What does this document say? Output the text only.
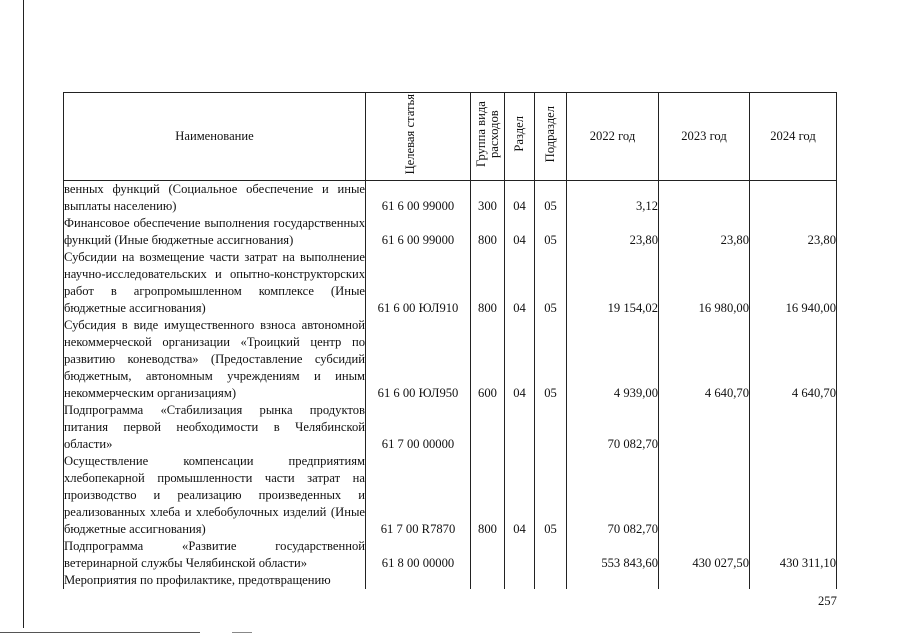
Наименование	Целевая статья	Группа вида расходов	Раздел	Подраздел	2022 год	2023 год	2024 год
венных функций (Социальное обеспечение и иные выплаты населению)	61 6 00 99000	300	04	05	3,12		
Финансовое обеспечение выполнения государственных функций (Иные бюджетные ассигнования)	61 6 00 99000	800	04	05	23,80	23,80	23,80
Субсидии на возмещение части затрат на выполнение научно-исследовательских и опытно-конструкторских работ в агропромышленном комплексе (Иные бюджетные ассигнования)	61 6 00 ЮЛ910	800	04	05	19 154,02	16 980,00	16 940,00
Субсидия в виде имущественного взноса автономной некоммерческой организации «Троицкий центр по развитию коневодства» (Предоставление субсидий бюджетным, автономным учреждениям и иным некоммерческим организациям)	61 6 00 ЮЛ950	600	04	05	4 939,00	4 640,70	4 640,70
Подпрограмма «Стабилизация рынка продуктов питания первой необходимости в Челябинской области»	61 7 00 00000				70 082,70		
Осуществление компенсации предприятиям хлебопекарной промышленности части затрат на производство и реализацию произведенных и реализованных хлеба и хлебобулочных изделий (Иные бюджетные ассигнования)	61 7 00 R7870	800	04	05	70 082,70		
Подпрограмма «Развитие государственной ветеринарной службы Челябинской области»	61 8 00 00000				553 843,60	430 027,50	430 311,10
Мероприятия по профилактике, предотвращению							
257
